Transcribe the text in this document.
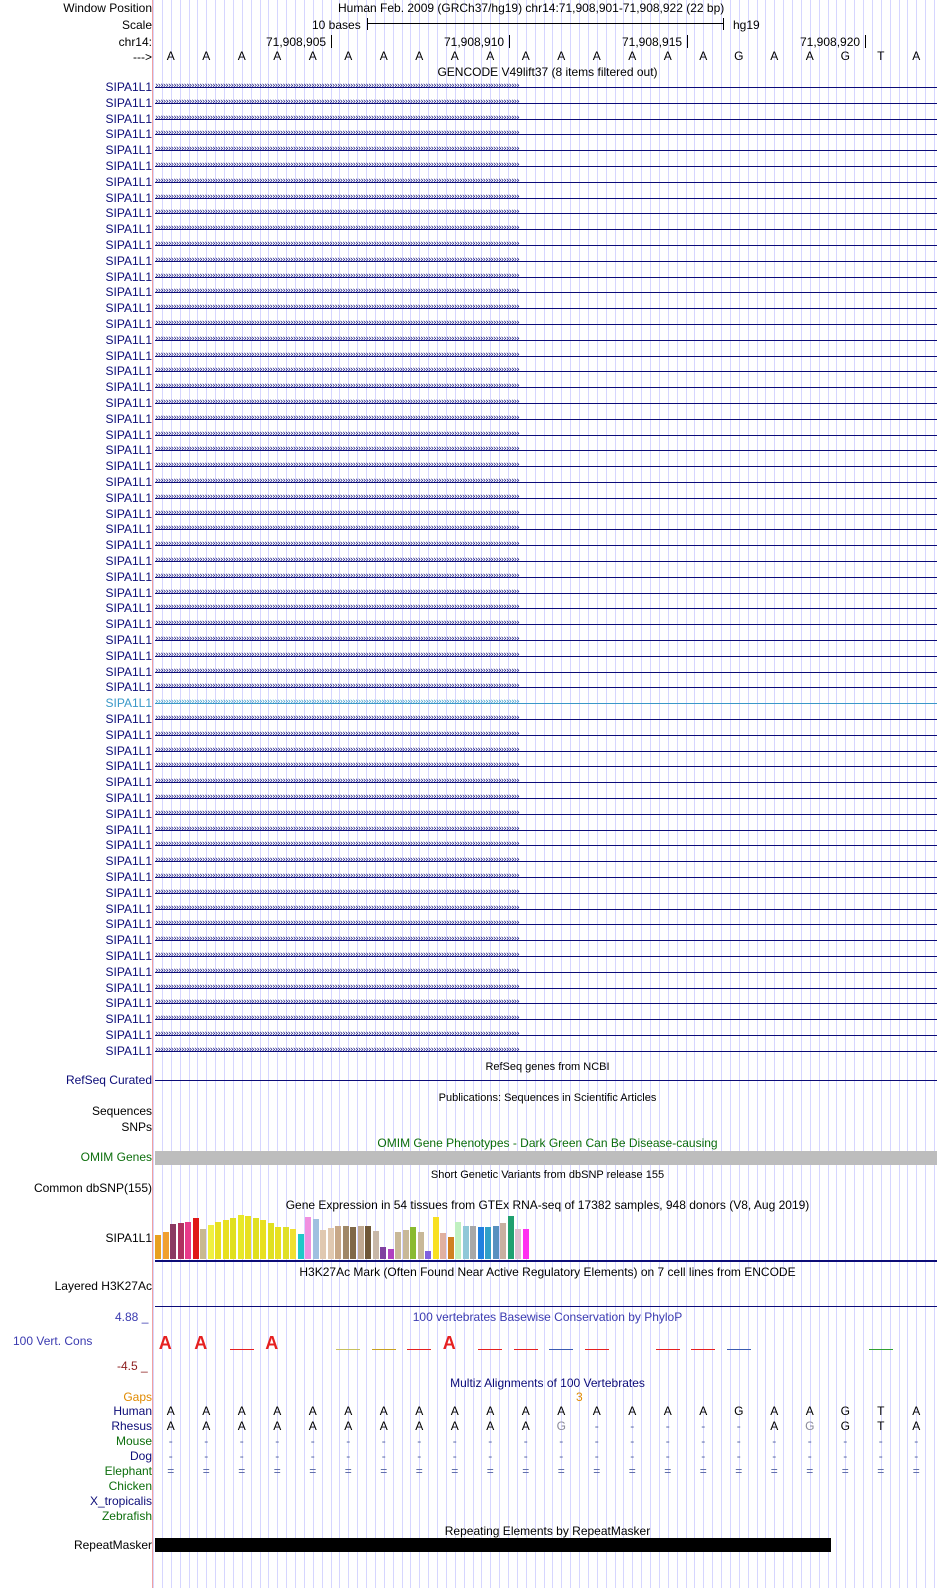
Window Position
Scale
chr14:
--->
Human Feb. 2009 (GRCh37/hg19) chr14:71,908,901-71,908,922 (22 bp)
10 bases	hg19
71,908,905	71,908,910	71,908,915	71,908,920
A	A	A	A	A	A	A	A	A	A	A	A	A	A	A	A	G	A	A	G	T	A
GENCODE V49lift37 (8 items filtered out)
SIPA1L1 ››››››››››››››››››››››››››››››››››››››››››››››››››››››››››››››››››››››››››››››››››››››››››››››››››››››››››››››››››››››››››››››››››››››››››››
SIPA1L1 ››››››››››››››››››››››››››››››››››››››››››››››››››››››››››››››››››››››››››››››››››››››››››››››››››››››››››››››››››››››››››››››››››››››››››››
SIPA1L1 ››››››››››››››››››››››››››››››››››››››››››››››››››››››››››››››››››››››››››››››››››››››››››››››››››››››››››››››››››››››››››››››››››››››››››››
SIPA1L1 ››››››››››››››››››››››››››››››››››››››››››››››››››››››››››››››››››››››››››››››››››››››››››››››››››››››››››››››››››››››››››››››››››››››››››››
SIPA1L1 ››››››››››››››››››››››››››››››››››››››››››››››››››››››››››››››››››››››››››››››››››››››››››››››››››››››››››››››››››››››››››››››››››››››››››››
SIPA1L1 ››››››››››››››››››››››››››››››››››››››››››››››››››››››››››››››››››››››››››››››››››››››››››››››››››››››››››››››››››››››››››››››››››››››››››››
SIPA1L1 ››››››››››››››››››››››››››››››››››››››››››››››››››››››››››››››››››››››››››››››››››››››››››››››››››››››››››››››››››››››››››››››››››››››››››››
SIPA1L1 ››››››››››››››››››››››››››››››››››››››››››››››››››››››››››››››››››››››››››››››››››››››››››››››››››››››››››››››››››››››››››››››››››››››››››››
SIPA1L1 ››››››››››››››››››››››››››››››››››››››››››››››››››››››››››››››››››››››››››››››››››››››››››››››››››››››››››››››››››››››››››››››››››››››››››››
SIPA1L1 ››››››››››››››››››››››››››››››››››››››››››››››››››››››››››››››››››››››››››››››››››››››››››››››››››››››››››››››››››››››››››››››››››››››››››››
SIPA1L1 ››››››››››››››››››››››››››››››››››››››››››››››››››››››››››››››››››››››››››››››››››››››››››››››››››››››››››››››››››››››››››››››››››››››››››››
SIPA1L1 ››››››››››››››››››››››››››››››››››››››››››››››››››››››››››››››››››››››››››››››››››››››››››››››››››››››››››››››››››››››››››››››››››››››››››››
SIPA1L1 ››››››››››››››››››››››››››››››››››››››››››››››››››››››››››››››››››››››››››››››››››››››››››››››››››››››››››››››››››››››››››››››››››››››››››››
SIPA1L1 ››››››››››››››››››››››››››››››››››››››››››››››››››››››››››››››››››››››››››››››››››››››››››››››››››››››››››››››››››››››››››››››››››››››››››››
SIPA1L1 ››››››››››››››››››››››››››››››››››››››››››››››››››››››››››››››››››››››››››››››››››››››››››››››››››››››››››››››››››››››››››››››››››››››››››››
SIPA1L1 ››››››››››››››››››››››››››››››››››››››››››››››››››››››››››››››››››››››››››››››››››››››››››››››››››››››››››››››››››››››››››››››››››››››››››››
SIPA1L1 ››››››››››››››››››››››››››››››››››››››››››››››››››››››››››››››››››››››››››››››››››››››››››››››››››››››››››››››››››››››››››››››››››››››››››››
SIPA1L1 ››››››››››››››››››››››››››››››››››››››››››››››››››››››››››››››››››››››››››››››››››››››››››››››››››››››››››››››››››››››››››››››››››››››››››››
SIPA1L1 ››››››››››››››››››››››››››››››››››››››››››››››››››››››››››››››››››››››››››››››››››››››››››››››››››››››››››››››››››››››››››››››››››››››››››››
SIPA1L1 ››››››››››››››››››››››››››››››››››››››››››››››››››››››››››››››››››››››››››››››››››››››››››››››››››››››››››››››››››››››››››››››››››››››››››››
SIPA1L1 ››››››››››››››››››››››››››››››››››››››››››››››››››››››››››››››››››››››››››››››››››››››››››››››››››››››››››››››››››››››››››››››››››››››››››››
SIPA1L1 ››››››››››››››››››››››››››››››››››››››››››››››››››››››››››››››››››››››››››››››››››››››››››››››››››››››››››››››››››››››››››››››››››››››››››››
SIPA1L1 ››››››››››››››››››››››››››››››››››››››››››››››››››››››››››››››››››››››››››››››››››››››››››››››››››››››››››››››››››››››››››››››››››››››››››››
SIPA1L1 ››››››››››››››››››››››››››››››››››››››››››››››››››››››››››››››››››››››››››››››››››››››››››››››››››››››››››››››››››››››››››››››››››››››››››››
SIPA1L1 ››››››››››››››››››››››››››››››››››››››››››››››››››››››››››››››››››››››››››››››››››››››››››››››››››››››››››››››››››››››››››››››››››››››››››››
SIPA1L1 ››››››››››››››››››››››››››››››››››››››››››››››››››››››››››››››››››››››››››››››››››››››››››››››››››››››››››››››››››››››››››››››››››››››››››››
SIPA1L1 ››››››››››››››››››››››››››››››››››››››››››››››››››››››››››››››››››››››››››››››››››››››››››››››››››››››››››››››››››››››››››››››››››››››››››››
SIPA1L1 ››››››››››››››››››››››››››››››››››››››››››››››››››››››››››››››››››››››››››››››››››››››››››››››››››››››››››››››››››››››››››››››››››››››››››››
SIPA1L1 ››››››››››››››››››››››››››››››››››››››››››››››››››››››››››››››››››››››››››››››››››››››››››››››››››››››››››››››››››››››››››››››››››››››››››››
SIPA1L1 ››››››››››››››››››››››››››››››››››››››››››››››››››››››››››››››››››››››››››››››››››››››››››››››››››››››››››››››››››››››››››››››››››››››››››››
SIPA1L1 ››››››››››››››››››››››››››››››››››››››››››››››››››››››››››››››››››››››››››››››››››››››››››››››››››››››››››››››››››››››››››››››››››››››››››››
SIPA1L1 ››››››››››››››››››››››››››››››››››››››››››››››››››››››››››››››››››››››››››››››››››››››››››››››››››››››››››››››››››››››››››››››››››››››››››››
SIPA1L1 ››››››››››››››››››››››››››››››››››››››››››››››››››››››››››››››››››››››››››››››››››››››››››››››››››››››››››››››››››››››››››››››››››››››››››››
SIPA1L1 ››››››››››››››››››››››››››››››››››››››››››››››››››››››››››››››››››››››››››››››››››››››››››››››››››››››››››››››››››››››››››››››››››››››››››››
SIPA1L1 ››››››››››››››››››››››››››››››››››››››››››››››››››››››››››››››››››››››››››››››››››››››››››››››››››››››››››››››››››››››››››››››››››››››››››››
SIPA1L1 ››››››››››››››››››››››››››››››››››››››››››››››››››››››››››››››››››››››››››››››››››››››››››››››››››››››››››››››››››››››››››››››››››››››››››››
SIPA1L1 ››››››››››››››››››››››››››››››››››››››››››››››››››››››››››››››››››››››››››››››››››››››››››››››››››››››››››››››››››››››››››››››››››››››››››››
SIPA1L1 ››››››››››››››››››››››››››››››››››››››››››››››››››››››››››››››››››››››››››››››››››››››››››››››››››››››››››››››››››››››››››››››››››››››››››››
SIPA1L1 ››››››››››››››››››››››››››››››››››››››››››››››››››››››››››››››››››››››››››››››››››››››››››››››››››››››››››››››››››››››››››››››››››››››››››››
SIPA1L1 ››››››››››››››››››››››››››››››››››››››››››››››››››››››››››››››››››››››››››››››››››››››››››››››››››››››››››››››››››››››››››››››››››››››››››››
SIPA1L1 ››››››››››››››››››››››››››››››››››››››››››››››››››››››››››››››››››››››››››››››››››››››››››››››››››››››››››››››››››››››››››››››››››››››››››››
SIPA1L1 ››››››››››››››››››››››››››››››››››››››››››››››››››››››››››››››››››››››››››››››››››››››››››››››››››››››››››››››››››››››››››››››››››››››››››››
SIPA1L1 ››››››››››››››››››››››››››››››››››››››››››››››››››››››››››››››››››››››››››››››››››››››››››››››››››››››››››››››››››››››››››››››››››››››››››››
SIPA1L1 ››››››››››››››››››››››››››››››››››››››››››››››››››››››››››››››››››››››››››››››››››››››››››››››››››››››››››››››››››››››››››››››››››››››››››››
SIPA1L1 ››››››››››››››››››››››››››››››››››››››››››››››››››››››››››››››››››››››››››››››››››››››››››››››››››››››››››››››››››››››››››››››››››››››››››››
SIPA1L1 ››››››››››››››››››››››››››››››››››››››››››››››››››››››››››››››››››››››››››››››››››››››››››››››››››››››››››››››››››››››››››››››››››››››››››››
SIPA1L1 ››››››››››››››››››››››››››››››››››››››››››››››››››››››››››››››››››››››››››››››››››››››››››››››››››››››››››››››››››››››››››››››››››››››››››››
SIPA1L1 ››››››››››››››››››››››››››››››››››››››››››››››››››››››››››››››››››››››››››››››››››››››››››››››››››››››››››››››››››››››››››››››››››››››››››››
SIPA1L1 ››››››››››››››››››››››››››››››››››››››››››››››››››››››››››››››››››››››››››››››››››››››››››››››››››››››››››››››››››››››››››››››››››››››››››››
SIPA1L1 ››››››››››››››››››››››››››››››››››››››››››››››››››››››››››››››››››››››››››››››››››››››››››››››››››››››››››››››››››››››››››››››››››››››››››››
SIPA1L1 ››››››››››››››››››››››››››››››››››››››››››››››››››››››››››››››››››››››››››››››››››››››››››››››››››››››››››››››››››››››››››››››››››››››››››››
SIPA1L1 ››››››››››››››››››››››››››››››››››››››››››››››››››››››››››››››››››››››››››››››››››››››››››››››››››››››››››››››››››››››››››››››››››››››››››››
SIPA1L1 ››››››››››››››››››››››››››››››››››››››››››››››››››››››››››››››››››››››››››››››››››››››››››››››››››››››››››››››››››››››››››››››››››››››››››››
SIPA1L1 ››››››››››››››››››››››››››››››››››››››››››››››››››››››››››››››››››››››››››››››››››››››››››››››››››››››››››››››››››››››››››››››››››››››››››››
SIPA1L1 ››››››››››››››››››››››››››››››››››››››››››››››››››››››››››››››››››››››››››››››››››››››››››››››››››››››››››››››››››››››››››››››››››››››››››››
SIPA1L1 ››››››››››››››››››››››››››››››››››››››››››››››››››››››››››››››››››››››››››››››››››››››››››››››››››››››››››››››››››››››››››››››››››››››››››››
SIPA1L1 ››››››››››››››››››››››››››››››››››››››››››››››››››››››››››››››››››››››››››››››››››››››››››››››››››››››››››››››››››››››››››››››››››››››››››››
SIPA1L1 ››››››››››››››››››››››››››››››››››››››››››››››››››››››››››››››››››››››››››››››››››››››››››››››››››››››››››››››››››››››››››››››››››››››››››››
SIPA1L1 ››››››››››››››››››››››››››››››››››››››››››››››››››››››››››››››››››››››››››››››››››››››››››››››››››››››››››››››››››››››››››››››››››››››››››››
SIPA1L1 ››››››››››››››››››››››››››››››››››››››››››››››››››››››››››››››››››››››››››››››››››››››››››››››››››››››››››››››››››››››››››››››››››››››››››››
SIPA1L1 ››››››››››››››››››››››››››››››››››››››››››››››››››››››››››››››››››››››››››››››››››››››››››››››››››››››››››››››››››››››››››››››››››››››››››››
SIPA1L1 ››››››››››››››››››››››››››››››››››››››››››››››››››››››››››››››››››››››››››››››››››››››››››››››››››››››››››››››››››››››››››››››››››››››››››››
RefSeq genes from NCBI
RefSeq Curated
Publications: Sequences in Scientific Articles
Sequences
SNPs
OMIM Gene Phenotypes - Dark Green Can Be Disease-causing
OMIM Genes
Short Genetic Variants from dbSNP release 155
Common dbSNP(155)
Gene Expression in 54 tissues from GTEx RNA-seq of 17382 samples, 948 donors (V8, Aug 2019)
SIPA1L1
H3K27Ac Mark (Often Found Near Active Regulatory Elements) on 7 cell lines from ENCODE
Layered H3K27Ac
100 vertebrates Basewise Conservation by PhyloP
4.88 _
100 Vert. Cons
-4.5 _
A A	A	A
Multiz Alignments of 100 Vertebrates
Gaps	3
Human	A	A	A	A	A	A	A	A	A	A	A	A	A	A	A	A	G	A	A	G	T	A
Rhesus	A	A	A	A	A	A	A	A	A	A	A	G	-	-	-	-	-	A	G	G	T	A
Mouse	-	-	-	-	-	-	-	-	-	-	-	-	-	-	-	-	-	-	-	-	-	-
Dog	-	-	-	-	-	-	-	-	-	-	-	-	-	-	-	-	-	-	-	-	-	-
Elephant	=	=	=	=	=	=	=	=	=	=	=	=	=	=	=	=	=	=	=	=	=	=
Chicken
X_tropicalis
Zebrafish
Repeating Elements by RepeatMasker
RepeatMasker
